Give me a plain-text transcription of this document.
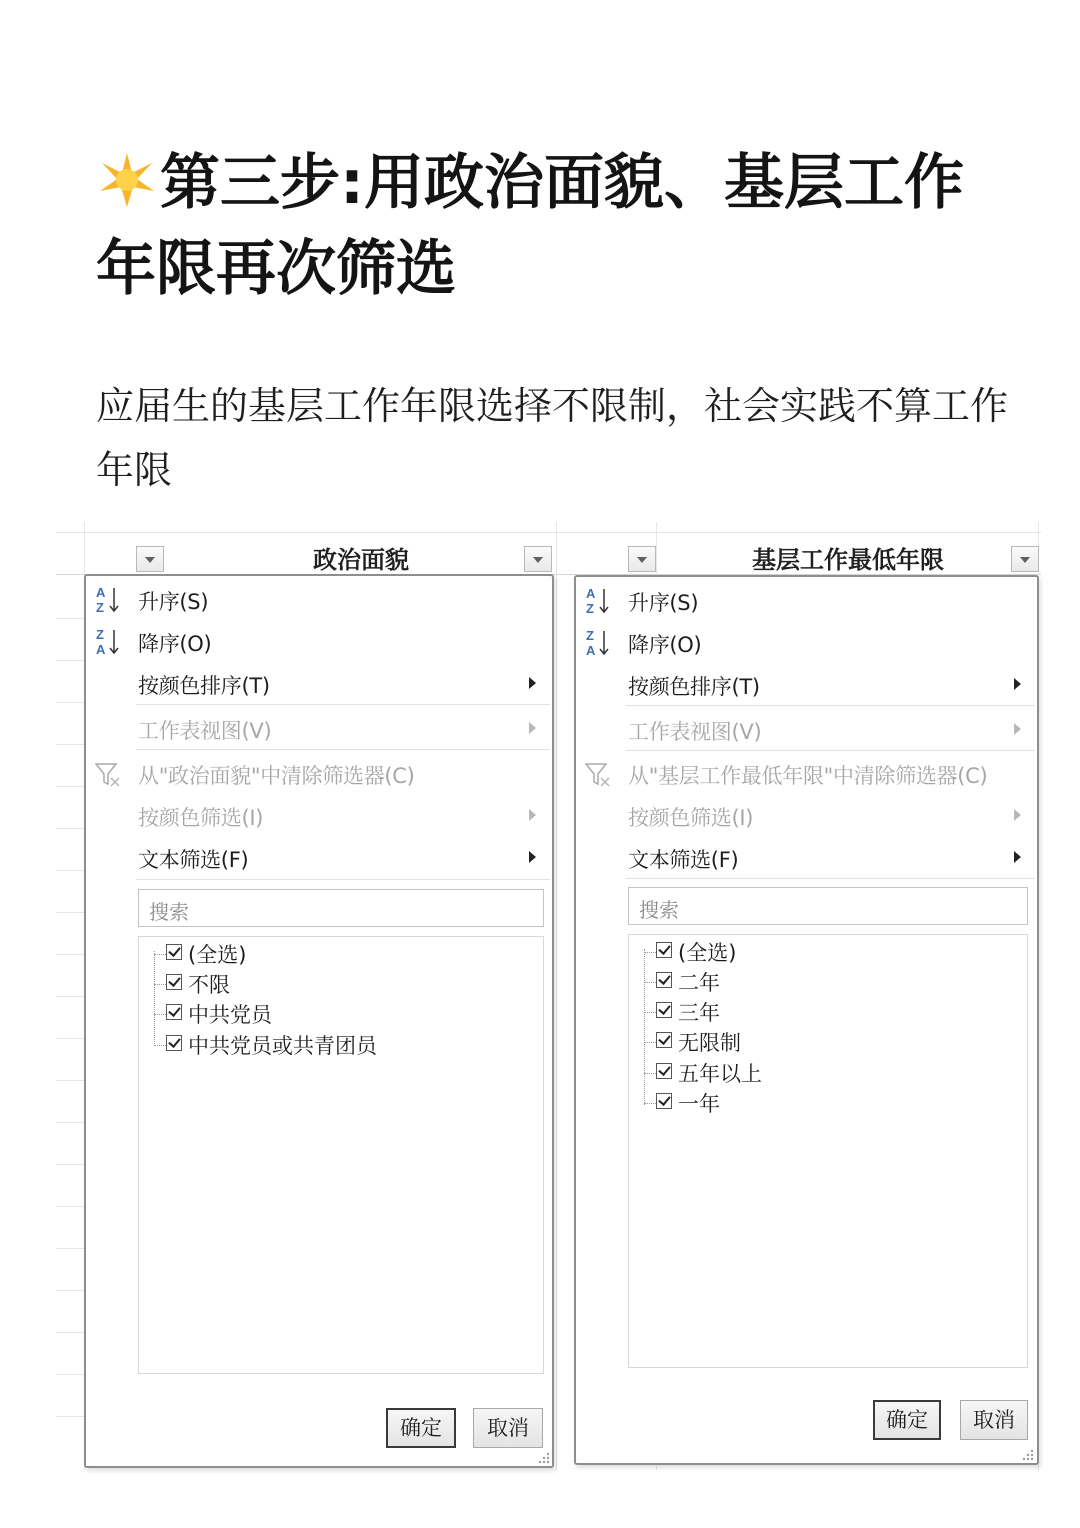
第三步:用政治面貌、基层工作年限再次筛选

应届生的基层工作年限选择不限制，社会实践不算工作年限

政治面貌	基层工作最低年限
A
Z 升序(S)
Z
A 降序(O)
按颜色排序(T)
工作表视图(V)
从"政治面貌"中清除筛选器(C)
按颜色筛选(I)
文本筛选(F)
搜索
(全选)
不限
中共党员
中共党员或共青团员
确定	取消
A
Z 升序(S)
Z
A 降序(O)
按颜色排序(T)
工作表视图(V)
从"基层工作最低年限"中清除筛选器(C)
按颜色筛选(I)
文本筛选(F)
搜索
(全选)
二年
三年
无限制
五年以上
一年
确定	取消
